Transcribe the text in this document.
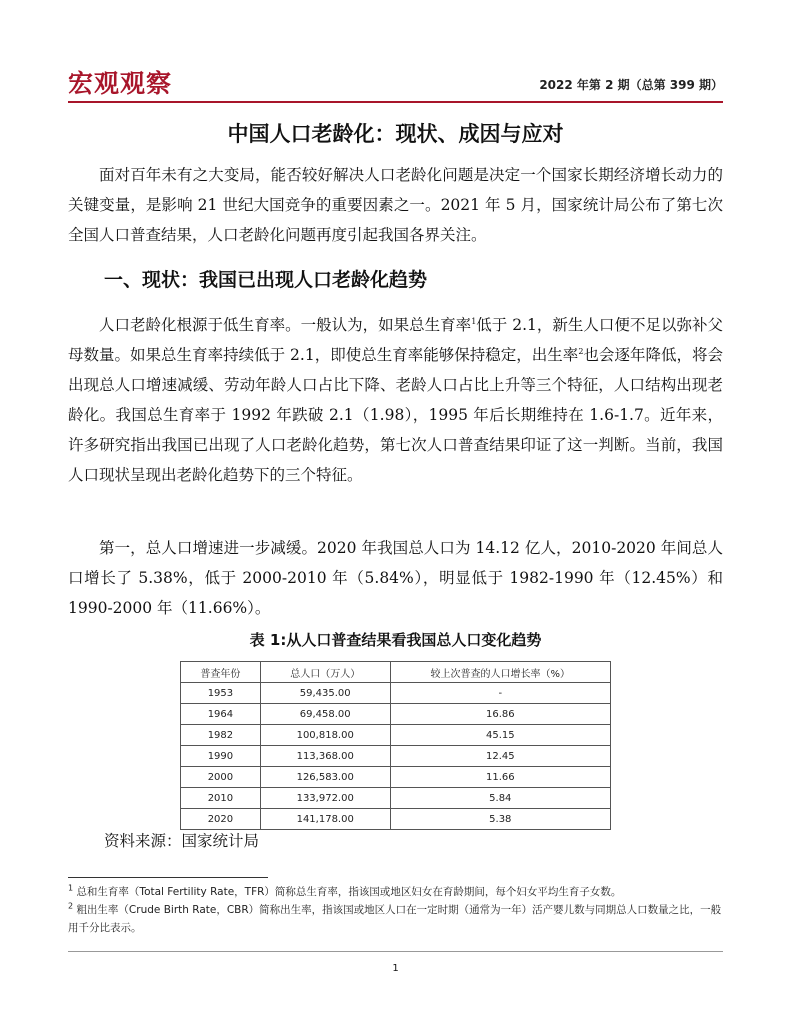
宏观观察	2022 年第 2 期（总第 399 期）
中国人口老龄化：现状、成因与应对

面对百年未有之大变局，能否较好解决人口老龄化问题是决定一个国家长期经济增长动力的关键变量，是影响 21 世纪大国竞争的重要因素之一。2021 年 5 月，国家统计局公布了第七次全国人口普查结果，人口老龄化问题再度引起我国各界关注。

一、现状：我国已出现人口老龄化趋势

人口老龄化根源于低生育率。一般认为，如果总生育率$^1$低于 2.1，新生人口便不足以弥补父母数量。如果总生育率持续低于 2.1，即使总生育率能够保持稳定，出生率$^2$也会逐年降低，将会出现总人口增速减缓、劳动年龄人口占比下降、老龄人口占比上升等三个特征，人口结构出现老龄化。我国总生育率于 1992 年跌破 2.1（1.98），1995 年后长期维持在 1.6-1.7。近年来，许多研究指出我国已出现了人口老龄化趋势，第七次人口普查结果印证了这一判断。当前，我国人口现状呈现出老龄化趋势下的三个特征。

第一，总人口增速进一步减缓。2020 年我国总人口为 14.12 亿人，2010-2020 年间总人口增长了 5.38%，低于 2000-2010 年（5.84%），明显低于 1982-1990 年（12.45%）和 1990-2000 年（11.66%）。

表 1:从人口普查结果看我国总人口变化趋势
普查年份	总人口（万人）	较上次普查的人口增长率（%）
1953	59,435.00	-
1964	69,458.00	16.86
1982	100,818.00	45.15
1990	113,368.00	12.45
2000	126,583.00	11.66
2010	133,972.00	5.84
2020	141,178.00	5.38
资料来源：国家统计局

$^1$ 总和生育率（Total Fertility Rate，TFR）简称总生育率，指该国或地区妇女在育龄期间，每个妇女平均生育子女数。

$^2$ 粗出生率（Crude Birth Rate，CBR）简称出生率，指该国或地区人口在一定时期（通常为一年）活产婴儿数与同期总人口数量之比，一般用千分比表示。

1
